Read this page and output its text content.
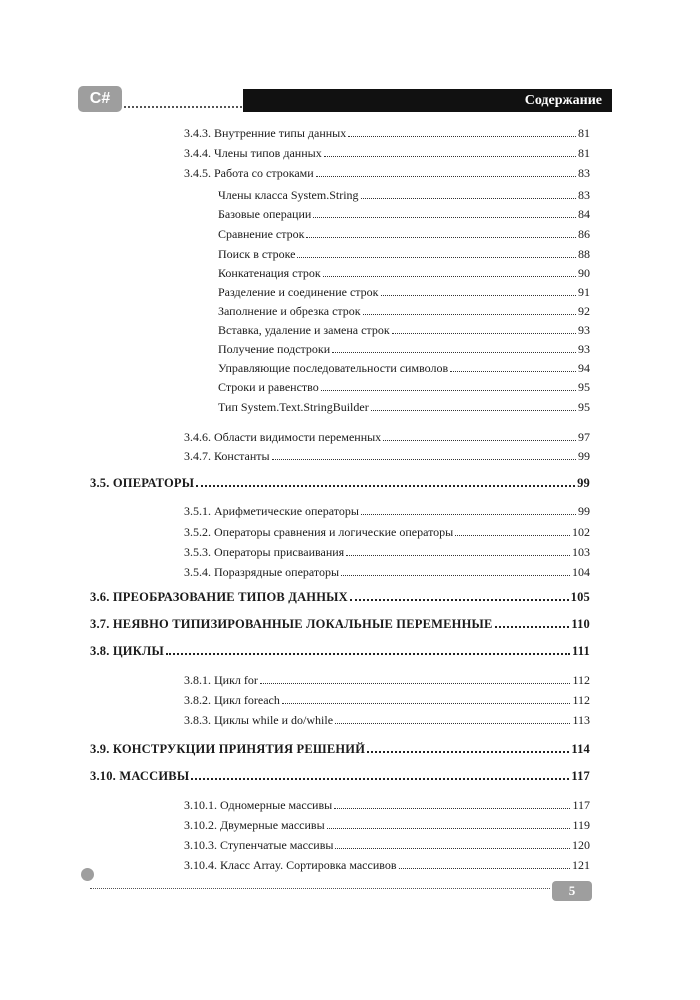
C#	Содержание
3.4.3. Внутренние типы данных	81
3.4.4. Члены типов данных	81
3.4.5. Работа со строками	83
Члены класса System.String	83
Базовые операции	84
Сравнение строк	86
Поиск в строке	88
Конкатенация строк	90
Разделение и соединение строк	91
Заполнение и обрезка строк	92
Вставка, удаление и замена строк	93
Получение подстроки	93
Управляющие последовательности символов	94
Строки и равенство	95
Тип System.Text.StringBuilder	95
3.4.6. Области видимости переменных	97
3.4.7. Константы	99
3.5. ОПЕРАТОРЫ	99
3.5.1. Арифметические операторы	99
3.5.2. Операторы сравнения и логические операторы	102
3.5.3. Операторы присваивания	103
3.5.4. Поразрядные операторы	104
3.6. ПРЕОБРАЗОВАНИЕ ТИПОВ ДАННЫХ	105
3.7. НЕЯВНО ТИПИЗИРОВАННЫЕ ЛОКАЛЬНЫЕ ПЕРЕМЕННЫЕ	110
3.8. ЦИКЛЫ	111
3.8.1. Цикл for	112
3.8.2. Цикл foreach	112
3.8.3. Циклы while и do/while	113
3.9. КОНСТРУКЦИИ ПРИНЯТИЯ РЕШЕНИЙ	114
3.10. МАССИВЫ	117
3.10.1. Одномерные массивы	117
3.10.2. Двумерные массивы	119
3.10.3. Ступенчатые массивы	120
3.10.4. Класс Array. Сортировка массивов	121
5
